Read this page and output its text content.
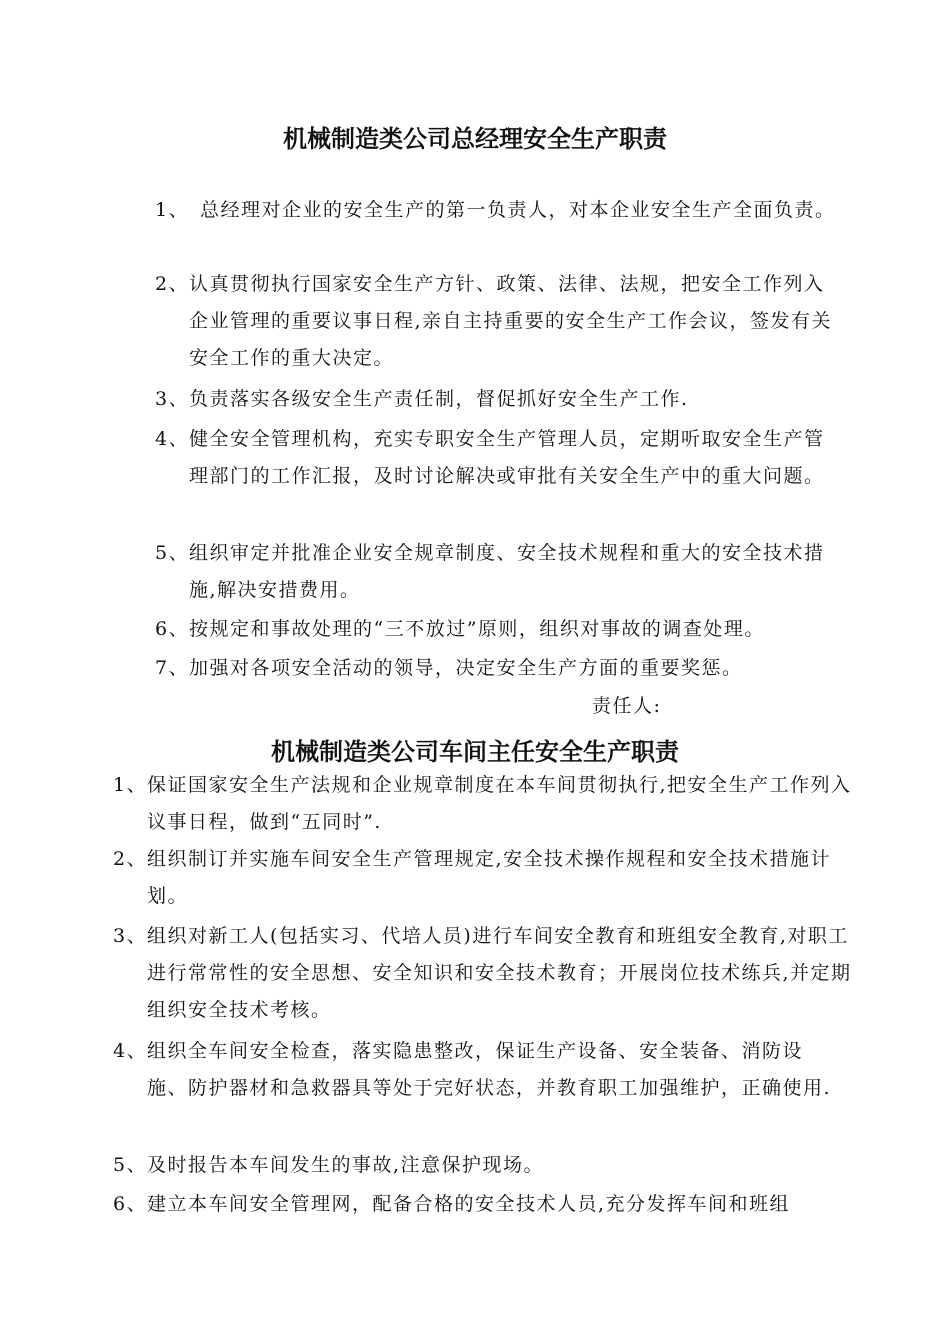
机械制造类公司总经理安全生产职责
1、 总经理对企业的安全生产的第一负责人，对本企业安全生产全面负责。
2、 认真贯彻执行国家安全生产方针、政策、法律、法规，把安全工作列入企业管理的重要议事日程,亲自主持重要的安全生产工作会议，签发有关安全工作的重大决定。
3、 负责落实各级安全生产责任制，督促抓好安全生产工作.
4、 健全安全管理机构，充实专职安全生产管理人员，定期听取安全生产管理部门的工作汇报，及时讨论解决或审批有关安全生产中的重大问题。
5、 组织审定并批准企业安全规章制度、安全技术规程和重大的安全技术措施,解决安措费用。
6、 按规定和事故处理的“三不放过”原则，组织对事故的调查处理。
7、 加强对各项安全活动的领导，决定安全生产方面的重要奖惩。
责任人:
机械制造类公司车间主任安全生产职责
1、 保证国家安全生产法规和企业规章制度在本车间贯彻执行,把安全生产工作列入议事日程，做到“五同时”.
2、 组织制订并实施车间安全生产管理规定,安全技术操作规程和安全技术措施计划。
3、 组织对新工人(包括实习、代培人员)进行车间安全教育和班组安全教育,对职工进行常常性的安全思想、安全知识和安全技术教育；开展岗位技术练兵,并定期组织安全技术考核。
4、 组织全车间安全检查，落实隐患整改，保证生产设备、安全装备、消防设施、防护器材和急救器具等处于完好状态，并教育职工加强维护，正确使用.
5、 及时报告本车间发生的事故,注意保护现场。
6、 建立本车间安全管理网，配备合格的安全技术人员,充分发挥车间和班组
